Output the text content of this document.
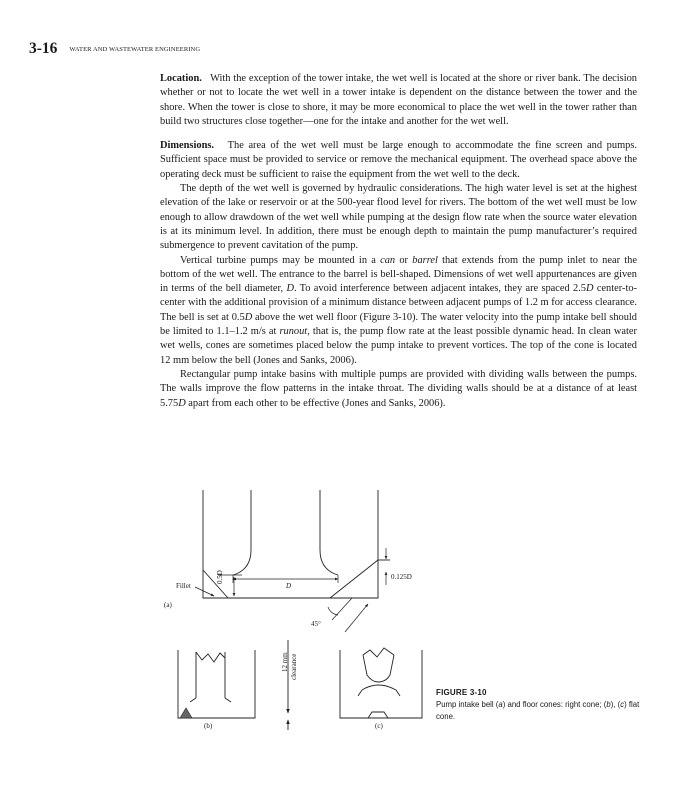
3-16 WATER AND WASTEWATER ENGINEERING

Location. With the exception of the tower intake, the wet well is located at the shore or river bank. The decision whether or not to locate the wet well in a tower intake is dependent on the distance between the tower and the shore. When the tower is close to shore, it may be more economical to place the wet well in the tower rather than build two structures close together—one for the intake and another for the wet well.

Dimensions. The area of the wet well must be large enough to accommodate the fine screen and pumps. Sufficient space must be provided to service or remove the mechanical equipment. The overhead space above the operating deck must be sufficient to raise the equipment from the wet well to the deck.

The depth of the wet well is governed by hydraulic considerations. The high water level is set at the highest elevation of the lake or reservoir or at the 500-year flood level for rivers. The bottom of the wet well must be low enough to allow drawdown of the wet well while pumping at the design flow rate when the source water elevation is at its minimum level. In addition, there must be enough depth to maintain the pump manufacturer’s required submergence to prevent cavitation of the pump.

Vertical turbine pumps may be mounted in a can or barrel that extends from the pump inlet to near the bottom of the wet well. The entrance to the barrel is bell-shaped. Dimensions of wet well appurtenances are given in terms of the bell diameter, D. To avoid interference between adjacent intakes, they are spaced 2.5D center-to-center with the additional provision of a minimum distance between adjacent pumps of 1.2 m for access clearance. The bell is set at 0.5D above the wet well floor (Figure 3-10). The water velocity into the pump intake bell should be limited to 1.1–1.2 m/s at runout, that is, the pump flow rate at the least possible dynamic head. In clean water wet wells, cones are sometimes placed below the pump intake to prevent vortices. The top of the cone is located 12 mm below the bell (Jones and Sanks, 2006).

Rectangular pump intake basins with multiple pumps are provided with dividing walls between the pumps. The walls improve the flow patterns in the intake throat. The dividing walls should be at a distance of at least 5.75D apart from each other to be effective (Jones and Sanks, 2006).

Fillet
(a)
D
0.5D	0.125D
45°
12 mm clearance
(b)	(c)
FIGURE 3-10
Pump intake bell (a) and floor cones: right cone; (b), (c) flat cone.
